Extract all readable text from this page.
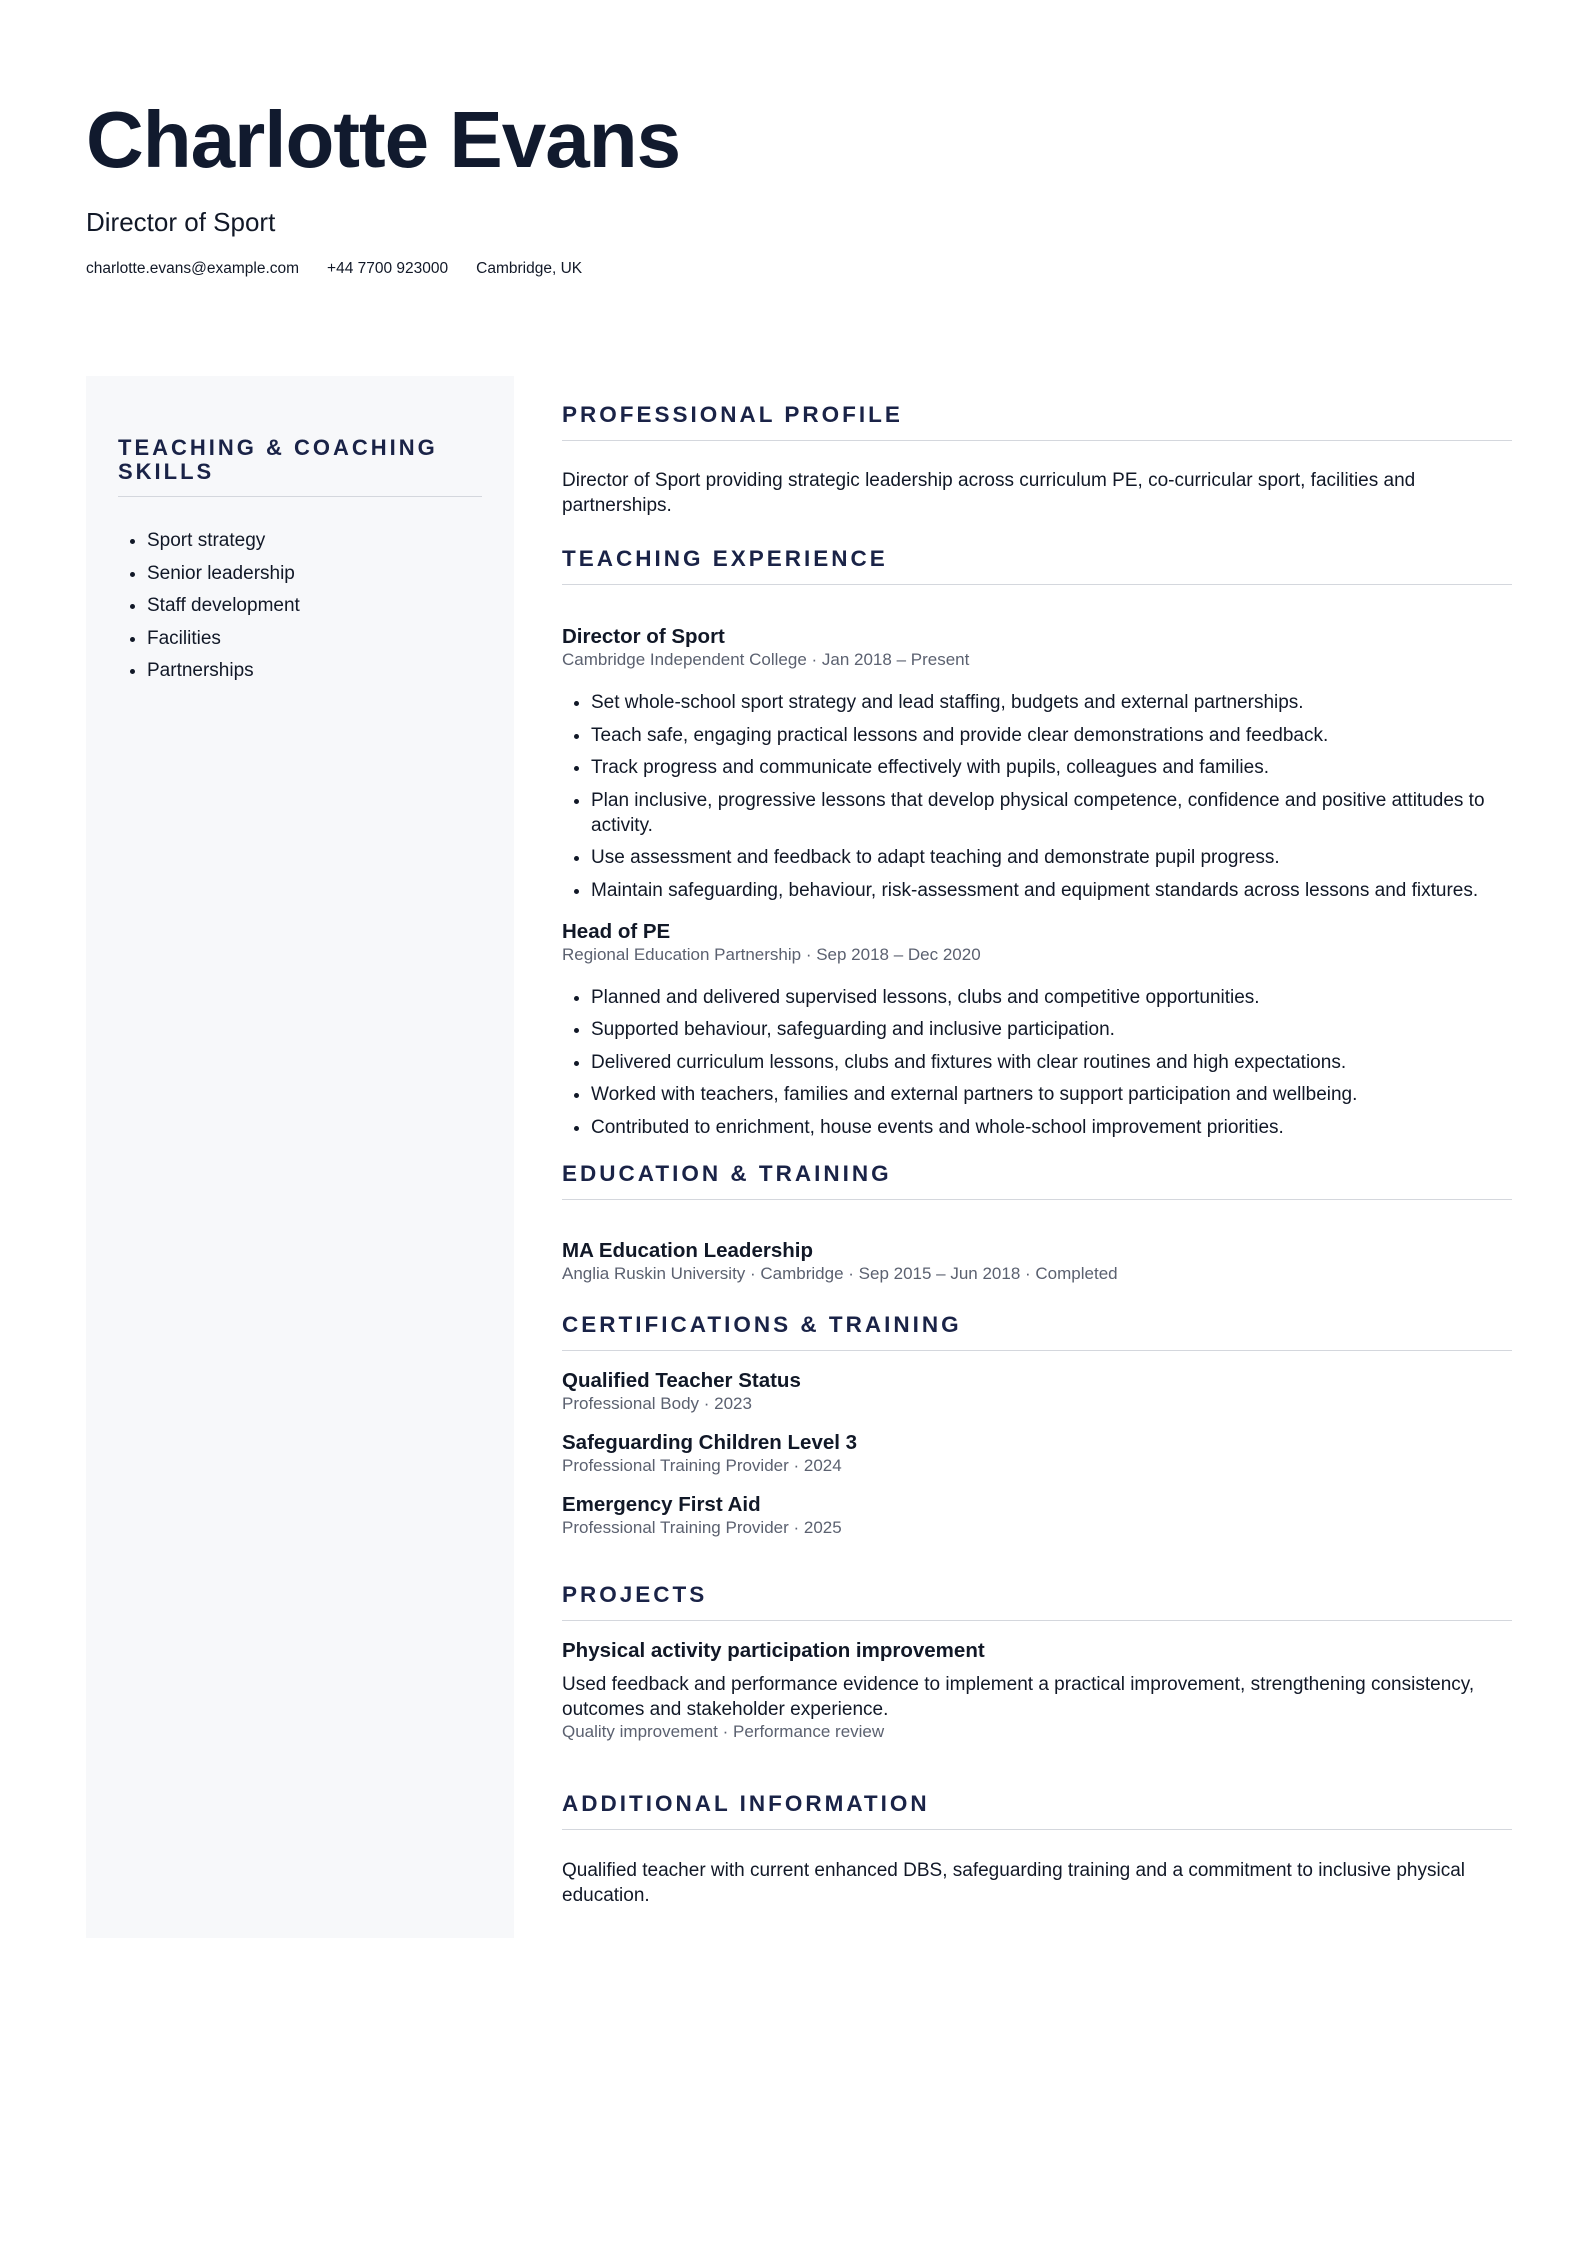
Charlotte Evans
Director of Sport
charlotte.evans@example.com +44 7700 923000 Cambridge, UK
TEACHING & COACHING SKILLS
• Sport strategy
• Senior leadership
• Staff development
• Facilities
• Partnerships
PROFESSIONAL PROFILE
Director of Sport providing strategic leadership across curriculum PE, co-curricular sport, facilities and partnerships.
TEACHING EXPERIENCE
Director of Sport
Cambridge Independent College · Jan 2018 – Present
• Set whole-school sport strategy and lead staffing, budgets and external partnerships.
• Teach safe, engaging practical lessons and provide clear demonstrations and feedback.
• Track progress and communicate effectively with pupils, colleagues and families.
• Plan inclusive, progressive lessons that develop physical competence, confidence and positive attitudes to activity.
• Use assessment and feedback to adapt teaching and demonstrate pupil progress.
• Maintain safeguarding, behaviour, risk-assessment and equipment standards across lessons and fixtures.
Head of PE
Regional Education Partnership · Sep 2018 – Dec 2020
• Planned and delivered supervised lessons, clubs and competitive opportunities.
• Supported behaviour, safeguarding and inclusive participation.
• Delivered curriculum lessons, clubs and fixtures with clear routines and high expectations.
• Worked with teachers, families and external partners to support participation and wellbeing.
• Contributed to enrichment, house events and whole-school improvement priorities.
EDUCATION & TRAINING
MA Education Leadership
Anglia Ruskin University · Cambridge · Sep 2015 – Jun 2018 · Completed
CERTIFICATIONS & TRAINING
Qualified Teacher Status
Professional Body · 2023
Safeguarding Children Level 3
Professional Training Provider · 2024
Emergency First Aid
Professional Training Provider · 2025
PROJECTS
Physical activity participation improvement
Used feedback and performance evidence to implement a practical improvement, strengthening consistency, outcomes and stakeholder experience.
Quality improvement · Performance review
ADDITIONAL INFORMATION
Qualified teacher with current enhanced DBS, safeguarding training and a commitment to inclusive physical education.
